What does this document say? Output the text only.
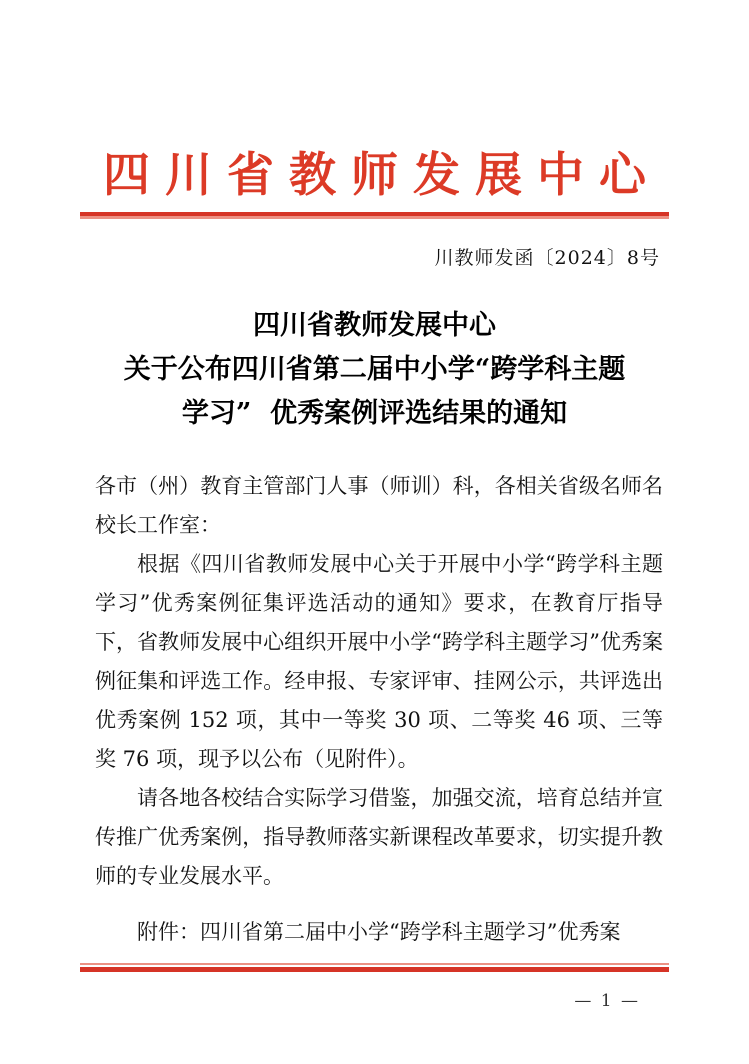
四川省教师发展中心
川教师发函〔2024〕8号
四川省教师发展中心
关于公布四川省第二届中小学“跨学科主题
学习”  优秀案例评选结果的通知

各市（州）教育主管部门人事（师训）科，各相关省级名师名校长工作室：

根据《四川省教师发展中心关于开展中小学“跨学科主题学习”优秀案例征集评选活动的通知》要求，在教育厅指导下，省教师发展中心组织开展中小学“跨学科主题学习”优秀案例征集和评选工作。经申报、专家评审、挂网公示，共评选出优秀案例 152 项，其中一等奖 30 项、二等奖 46 项、三等奖 76 项，现予以公布（见附件）。

请各地各校结合实际学习借鉴，加强交流，培育总结并宣传推广优秀案例，指导教师落实新课程改革要求，切实提升教师的专业发展水平。

附件：四川省第二届中小学“跨学科主题学习”优秀案

— 1 —
